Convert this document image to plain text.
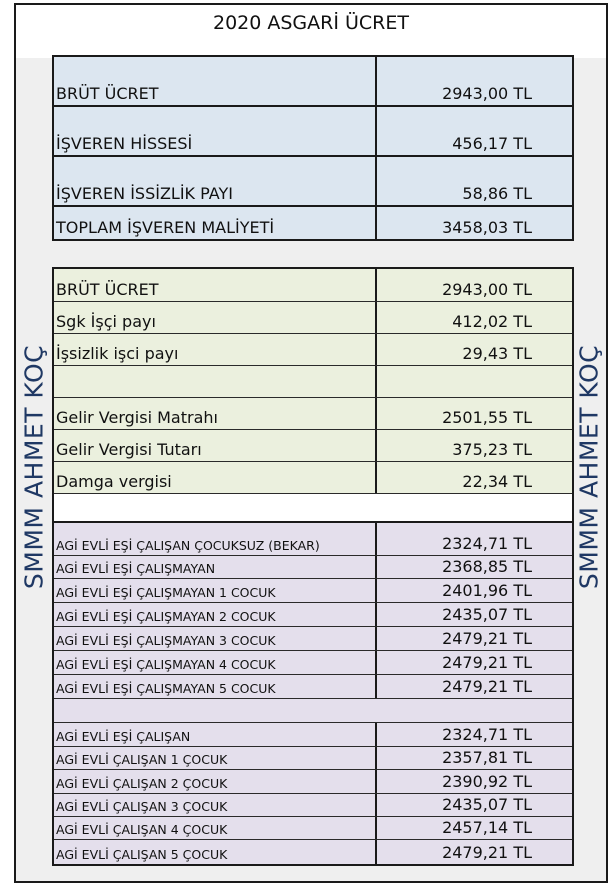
2020 ASGARİ ÜCRET
SMMM AHMET KOÇ	SMMM AHMET KOÇ
BRÜT ÜCRET	2943,00 TL
İŞVEREN HİSSESİ	456,17 TL
İŞVEREN İSSİZLİK PAYI	58,86 TL
TOPLAM İŞVEREN MALİYETİ	3458,03 TL
BRÜT ÜCRET	2943,00 TL
Sgk İşçi payı	412,02 TL
İşsizlik işci payı	29,43 TL
Gelir Vergisi Matrahı	2501,55 TL
Gelir Vergisi Tutarı	375,23 TL
Damga vergisi	22,34 TL
AGİ EVLİ EŞİ ÇALIŞAN ÇOCUKSUZ (BEKAR)	2324,71 TL
AGİ EVLİ EŞİ ÇALIŞMAYAN	2368,85 TL
AGİ EVLİ EŞİ ÇALIŞMAYAN 1 COCUK	2401,96 TL
AGİ EVLİ EŞİ ÇALIŞMAYAN 2 COCUK	2435,07 TL
AGİ EVLİ EŞİ ÇALIŞMAYAN 3 COCUK	2479,21 TL
AGİ EVLİ EŞİ ÇALIŞMAYAN 4 COCUK	2479,21 TL
AGİ EVLİ EŞİ ÇALIŞMAYAN 5 COCUK	2479,21 TL
AGİ EVLİ EŞİ ÇALIŞAN	2324,71 TL
AGİ EVLİ ÇALIŞAN 1 ÇOCUK	2357,81 TL
AGİ EVLİ ÇALIŞAN 2 ÇOCUK	2390,92 TL
AGİ EVLİ ÇALIŞAN 3 ÇOCUK	2435,07 TL
AGİ EVLİ ÇALIŞAN 4 ÇOCUK	2457,14 TL
AGİ EVLİ ÇALIŞAN 5 ÇOCUK	2479,21 TL
